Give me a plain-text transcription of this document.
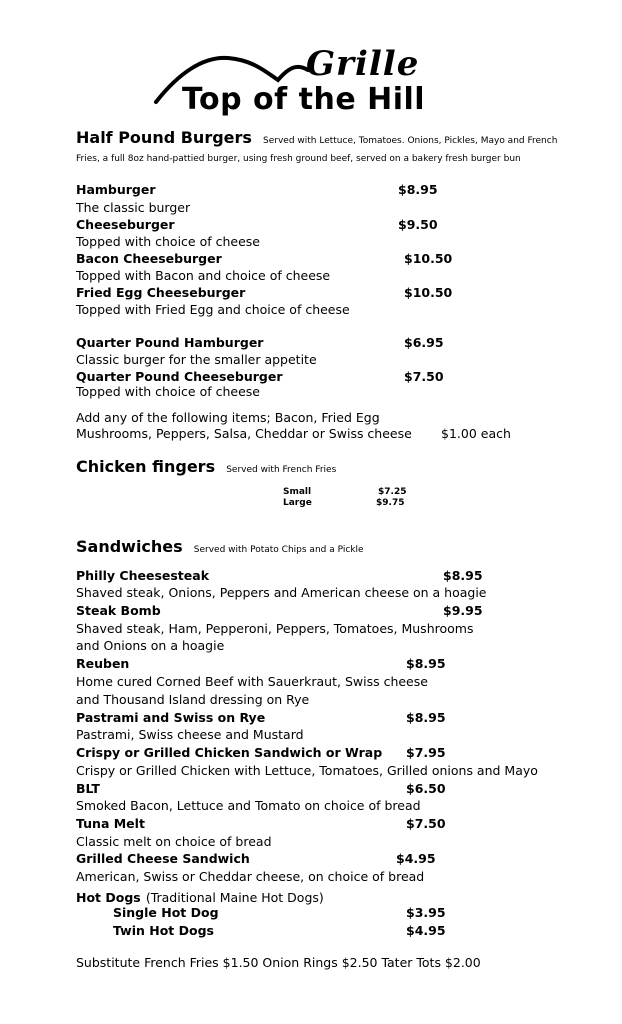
Grille
Top of the Hill
Half Pound Burgers Served with Lettuce, Tomatoes. Onions, Pickles, Mayo and French
Fries, a full 8oz hand-pattied burger, using fresh ground beef, served on a bakery fresh burger bun
Hamburger	$8.95
The classic burger
Cheeseburger	$9.50
Topped with choice of cheese
Bacon Cheeseburger	$10.50
Topped with Bacon and choice of cheese
Fried Egg Cheeseburger	$10.50
Topped with Fried Egg and choice of cheese
Quarter Pound Hamburger	$6.95
Classic burger for the smaller appetite
Quarter Pound Cheeseburger	$7.50
Topped with choice of cheese
Add any of the following items; Bacon, Fried Egg
Mushrooms, Peppers, Salsa, Cheddar or Swiss cheese $1.00 each
Chicken fingers Served with French Fries
Small	$7.25
Large	$9.75
Sandwiches Served with Potato Chips and a Pickle
Philly Cheesesteak	$8.95
Shaved steak, Onions, Peppers and American cheese on a hoagie
Steak Bomb	$9.95
Shaved steak, Ham, Pepperoni, Peppers, Tomatoes, Mushrooms
and Onions on a hoagie
Reuben	$8.95
Home cured Corned Beef with Sauerkraut, Swiss cheese
and Thousand Island dressing on Rye
Pastrami and Swiss on Rye	$8.95
Pastrami, Swiss cheese and Mustard
Crispy or Grilled Chicken Sandwich or Wrap $7.95
Crispy or Grilled Chicken with Lettuce, Tomatoes, Grilled onions and Mayo
BLT	$6.50
Smoked Bacon, Lettuce and Tomato on choice of bread
Tuna Melt	$7.50
Classic melt on choice of bread
Grilled Cheese Sandwich	$4.95
American, Swiss or Cheddar cheese, on choice of bread
Hot Dogs (Traditional Maine Hot Dogs)
Single Hot Dog	$3.95
Twin Hot Dogs	$4.95
Substitute French Fries $1.50 Onion Rings $2.50 Tater Tots $2.00
